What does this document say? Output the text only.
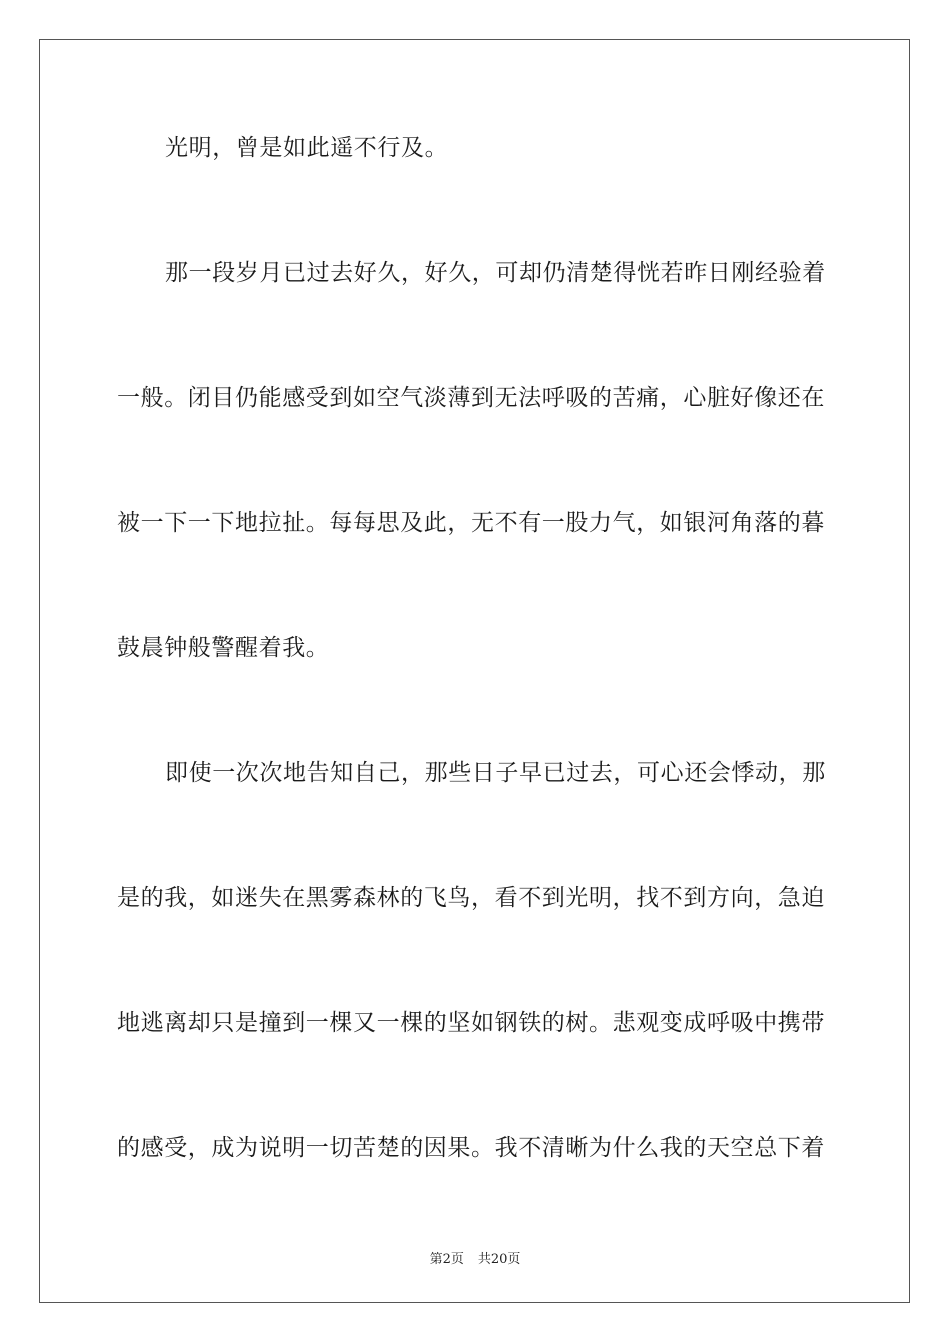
光明，曾是如此遥不行及。
那一段岁月已过去好久，好久，可却仍清楚得恍若昨日刚经验着
一般。闭目仍能感受到如空气淡薄到无法呼吸的苦痛，心脏好像还在
被一下一下地拉扯。每每思及此，无不有一股力气，如银河角落的暮
鼓晨钟般警醒着我。
即使一次次地告知自己，那些日子早已过去，可心还会悸动，那
是的我，如迷失在黑雾森林的飞鸟，看不到光明，找不到方向，急迫
地逃离却只是撞到一棵又一棵的坚如钢铁的树。悲观变成呼吸中携带
的感受，成为说明一切苦楚的因果。我不清晰为什么我的天空总下着
第2页 共20页
